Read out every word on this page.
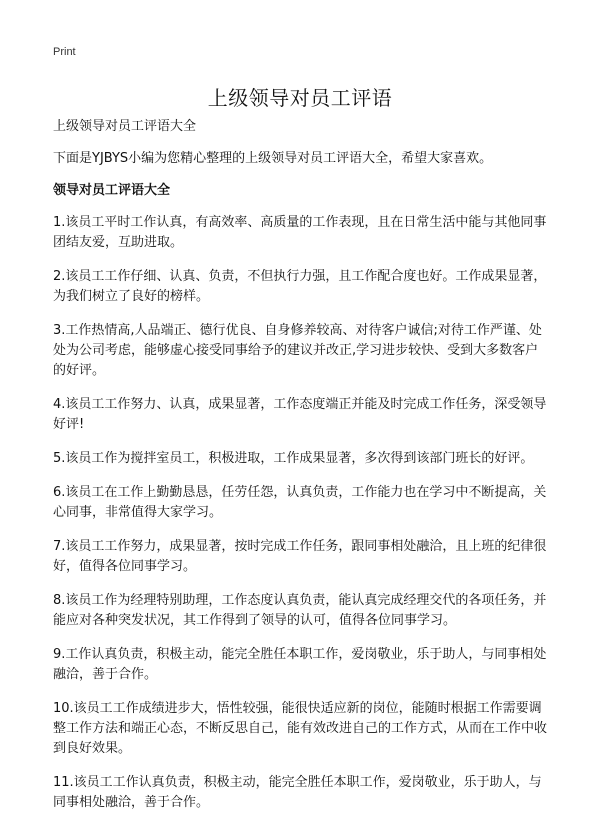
Print
上级领导对员工评语

上级领导对员工评语大全

下面是YJBYS小编为您精心整理的上级领导对员工评语大全，希望大家喜欢。

领导对员工评语大全

1.该员工平时工作认真，有高效率、高质量的工作表现，且在日常生活中能与其他同事团结友爱，互助进取。

2.该员工工作仔细、认真、负责，不但执行力强，且工作配合度也好。工作成果显著，为我们树立了良好的榜样。

3.工作热情高,人品端正、德行优良、自身修养较高、对待客户诚信;对待工作严谨、处处为公司考虑，能够虚心接受同事给予的建议并改正,学习进步较快、受到大多数客户的好评。

4.该员工工作努力、认真，成果显著，工作态度端正并能及时完成工作任务，深受领导好评!

5.该员工作为搅拌室员工，积极进取，工作成果显著，多次得到该部门班长的好评。

6.该员工在工作上勤勤恳恳，任劳任怨，认真负责，工作能力也在学习中不断提高，关心同事，非常值得大家学习。

7.该员工工作努力，成果显著，按时完成工作任务，跟同事相处融洽，且上班的纪律很好，值得各位同事学习。

8.该员工作为经理特别助理，工作态度认真负责，能认真完成经理交代的各项任务，并能应对各种突发状况，其工作得到了领导的认可，值得各位同事学习。

9.工作认真负责，积极主动，能完全胜任本职工作，爱岗敬业，乐于助人，与同事相处融洽，善于合作。

10.该员工工作成绩进步大，悟性较强，能很快适应新的岗位，能随时根据工作需要调整工作方法和端正心态，不断反思自己，能有效改进自己的工作方式，从而在工作中收到良好效果。

11.该员工工作认真负责，积极主动，能完全胜任本职工作，爱岗敬业，乐于助人，与同事相处融洽，善于合作。
